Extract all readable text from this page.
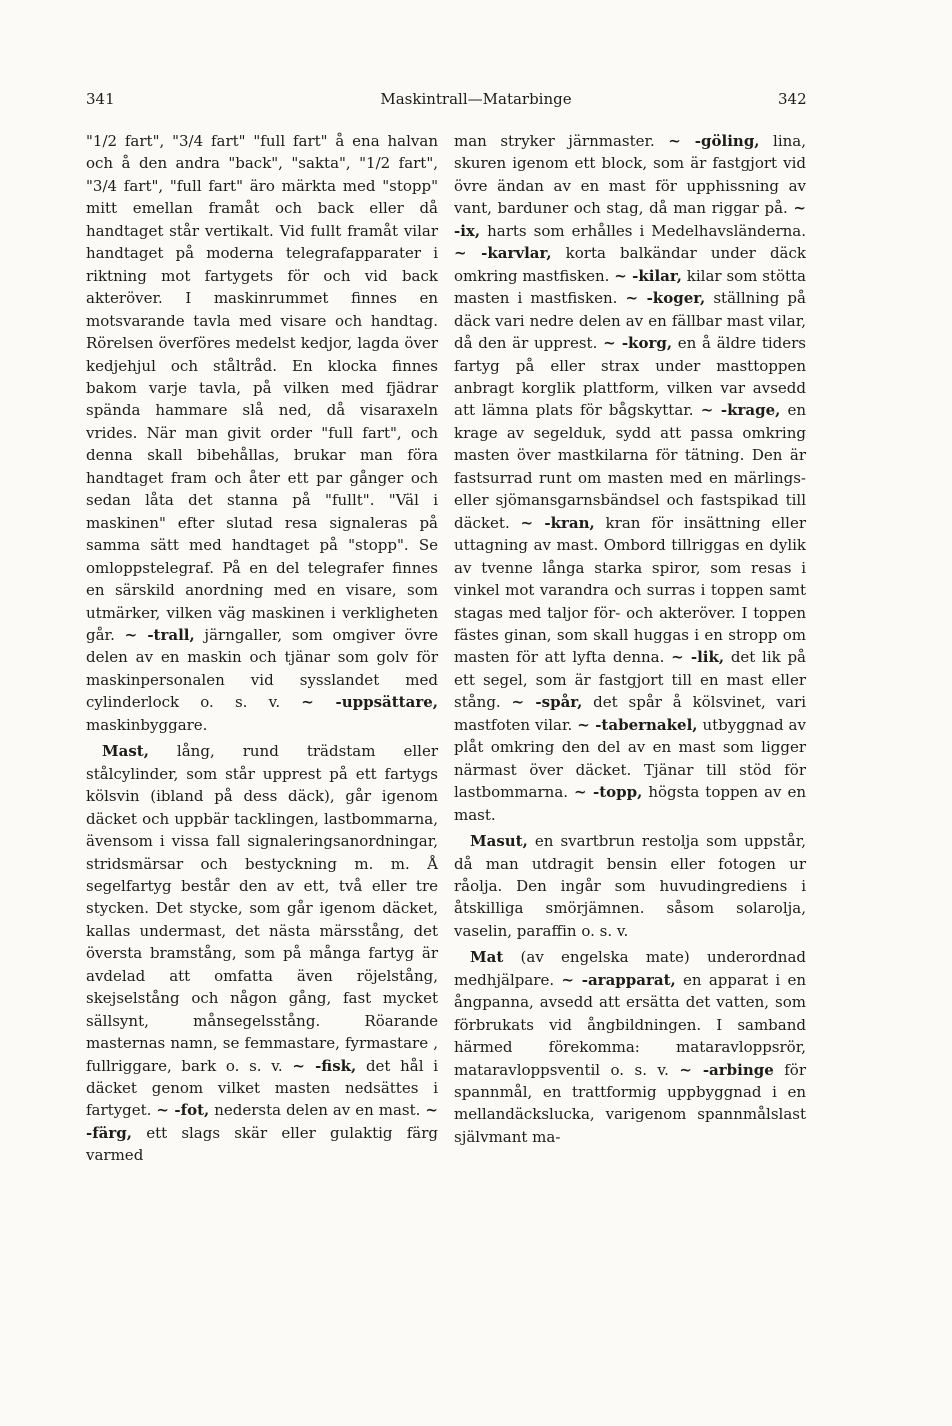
341	Maskintrall—Matarbinge	342

"1/2 fart", "3/4 fart" "full fart" å ena halvan och å den andra "back", "sakta", "1/2 fart", "3/4 fart", "full fart" äro märkta med "stopp" mitt emellan framåt och back eller då handtaget står vertikalt. Vid fullt framåt vilar handtaget på moderna telegrafapparater i riktning mot fartygets för och vid back akteröver. I maskinrummet finnes en motsvarande tavla med visare och handtag. Rörelsen överföres medelst kedjor, lagda över kedjehjul och ståltråd. En klocka finnes bakom varje tavla, på vilken med fjädrar spända hammare slå ned, då visaraxeln vrides. När man givit order "full fart", och denna skall bibehållas, brukar man föra handtaget fram och åter ett par gånger och sedan låta det stanna på "fullt". "Väl i maskinen" efter slutad resa signaleras på samma sätt med handtaget på "stopp". Se omloppstelegraf. På en del telegrafer finnes en särskild anordning med en visare, som utmärker, vilken väg maskinen i verkligheten går. ~ -trall, järngaller, som omgiver övre delen av en maskin och tjänar som golv för maskinpersonalen vid sysslandet med cylinderlock o. s. v. ~ -uppsättare, maskinbyggare.

Mast, lång, rund trädstam eller stålcylinder, som står upprest på ett fartygs kölsvin (ibland på dess däck), går igenom däcket och uppbär tacklingen, lastbommarna, ävensom i vissa fall signaleringsanordningar, stridsmärsar och bestyckning m. m. Å segelfartyg består den av ett, två eller tre stycken. Det stycke, som går igenom däcket, kallas undermast, det nästa märsstång, det översta bramstång, som på många fartyg är avdelad att omfatta även röjelstång, skejselstång och någon gång, fast mycket sällsynt, månsegelsstång. Röarande masternas namn, se femmastare, fyrmastare , fullriggare, bark o. s. v. ~ -fisk, det hål i däcket genom vilket masten nedsättes i fartyget. ~ -fot, nedersta delen av en mast. ~ -färg, ett slags skär eller gulaktig färg varmed

man stryker järnmaster. ~ -göling, lina, skuren igenom ett block, som är fastgjort vid övre ändan av en mast för upphissning av vant, barduner och stag, då man riggar på. ~ -ix, harts som erhålles i Medelhavsländerna. ~ -karvlar, korta balkändar under däck omkring mastfisken. ~ -kilar, kilar som stötta masten i mastfisken. ~ -koger, ställning på däck vari nedre delen av en fällbar mast vilar, då den är upprest. ~ -korg, en å äldre tiders fartyg på eller strax under masttoppen anbragt korglik plattform, vilken var avsedd att lämna plats för bågskyttar. ~ -krage, en krage av segelduk, sydd att passa omkring masten över mastkilarna för tätning. Den är fastsurrad runt om masten med en märlings- eller sjömansgarnsbändsel och fastspikad till däcket. ~ -kran, kran för insättning eller uttagning av mast. Ombord tillriggas en dylik av tvenne långa starka spiror, som resas i vinkel mot varandra och surras i toppen samt stagas med taljor för- och akteröver. I toppen fästes ginan, som skall huggas i en stropp om masten för att lyfta denna. ~ -lik, det lik på ett segel, som är fastgjort till en mast eller stång. ~ -spår, det spår å kölsvinet, vari mastfoten vilar. ~ -tabernakel, utbyggnad av plåt omkring den del av en mast som ligger närmast över däcket. Tjänar till stöd för lastbommarna. ~ -topp, högsta toppen av en mast.

Masut, en svartbrun restolja som uppstår, då man utdragit bensin eller fotogen ur råolja. Den ingår som huvudingrediens i åtskilliga smörjämnen. såsom solarolja, vaselin, paraffin o. s. v.

Mat (av engelska mate) underordnad medhjälpare. ~ -arapparat, en apparat i en ångpanna, avsedd att ersätta det vatten, som förbrukats vid ångbildningen. I samband härmed förekomma: mataravloppsrör, mataravloppsventil o. s. v. ~ -arbinge för spannmål, en trattformig uppbyggnad i en mellandäckslucka, varigenom spannmålslast självmant ma-
